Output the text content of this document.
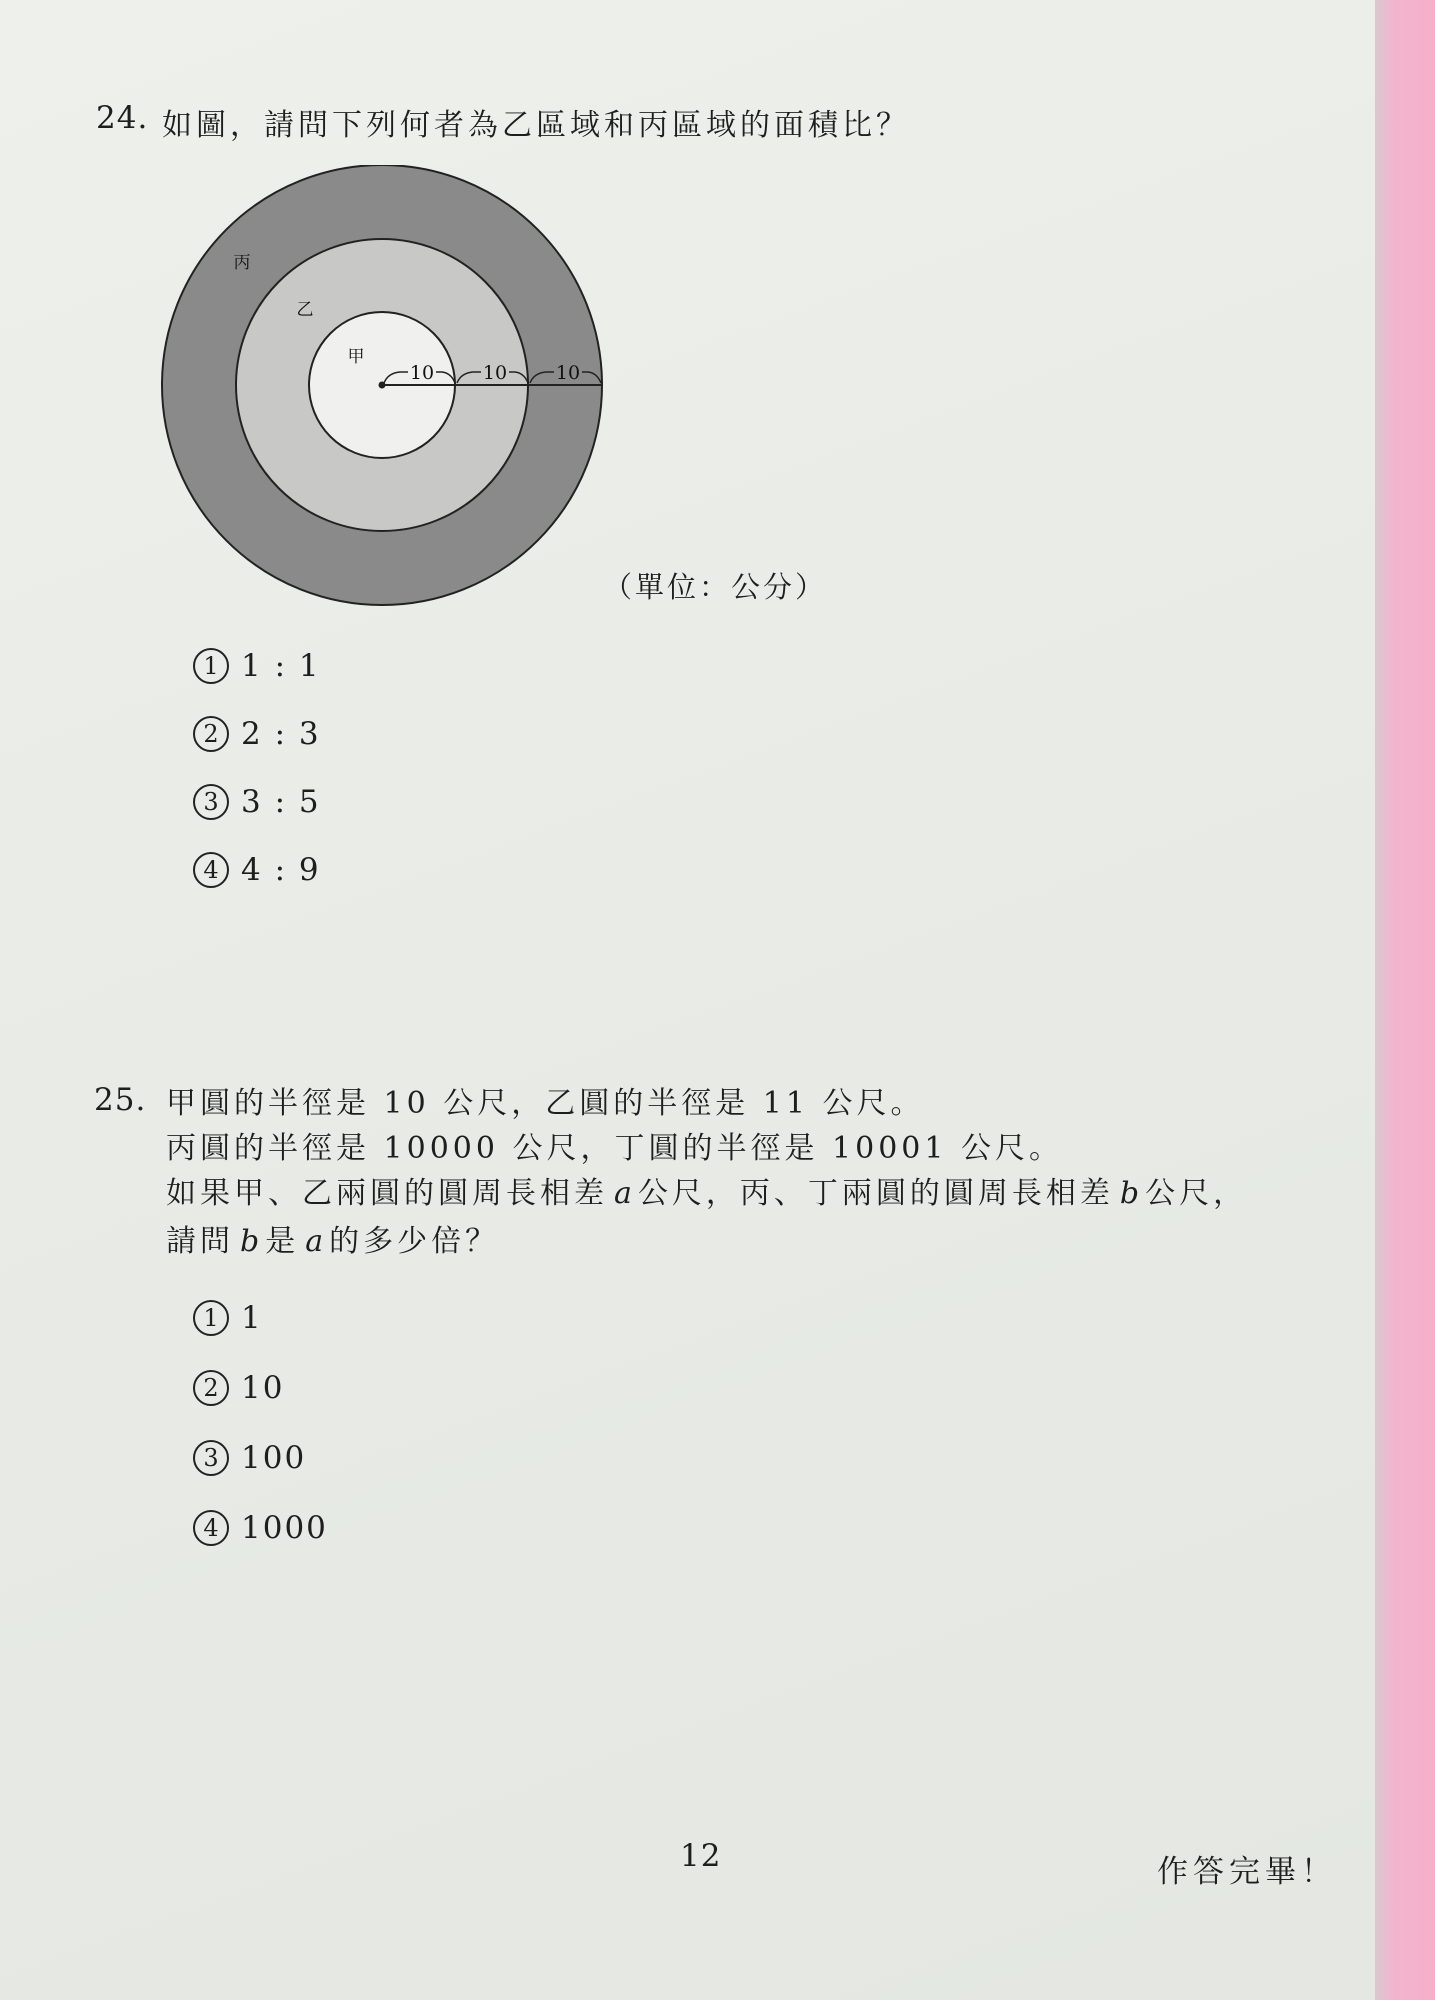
24. 如圖，請問下列何者為乙區域和丙區域的面積比？
10	10	10
丙
乙
甲
（單位：公分）
1 1 : 1
2 2 : 3
3 3 : 5
4 4 : 9
25. 甲圓的半徑是 10 公尺，乙圓的半徑是 11 公尺。
丙圓的半徑是 10000 公尺，丁圓的半徑是 10001 公尺。
如果甲、乙兩圓的圓周長相差 a 公尺，丙、丁兩圓的圓周長相差 b 公尺，
請問 b 是 a 的多少倍？
1 1
2 10
3 100
4 1000
12	作答完畢！
